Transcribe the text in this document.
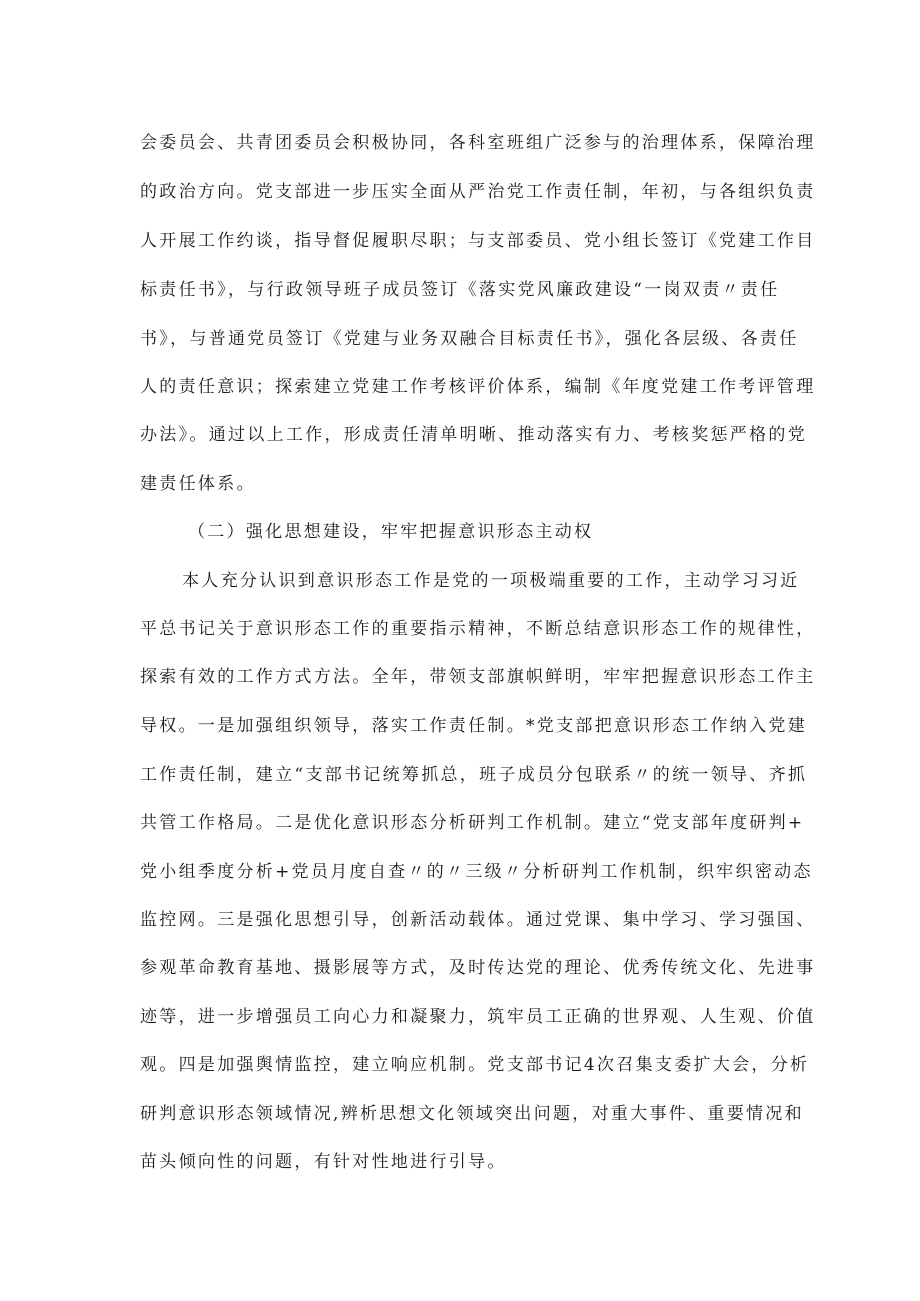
会委员会、共青团委员会积极协同，各科室班组广泛参与的治理体系，保障治理
的政治方向。党支部进一步压实全面从严治党工作责任制，年初，与各组织负责
人开展工作约谈，指导督促履职尽职；与支部委员、党小组长签订《党建工作目
标责任书》，与行政领导班子成员签订《落实党风廉政建设“一岗双责〃责任
书》，与普通党员签订《党建与业务双融合目标责任书》，强化各层级、各责任
人的责任意识；探索建立党建工作考核评价体系，编制《年度党建工作考评管理
办法》。通过以上工作，形成责任清单明晰、推动落实有力、考核奖惩严格的党
建责任体系。
（二）强化思想建设，牢牢把握意识形态主动权
本人充分认识到意识形态工作是党的一项极端重要的工作，主动学习习近
平总书记关于意识形态工作的重要指示精神，不断总结意识形态工作的规律性，
探索有效的工作方式方法。全年，带领支部旗帜鲜明，牢牢把握意识形态工作主
导权。一是加强组织领导，落实工作责任制。*党支部把意识形态工作纳入党建
工作责任制，建立“支部书记统筹抓总，班子成员分包联系〃的统一领导、齐抓
共管工作格局。二是优化意识形态分析研判工作机制。建立“党支部年度研判+
党小组季度分析+党员月度自查〃的〃三级〃分析研判工作机制，织牢织密动态
监控网。三是强化思想引导，创新活动载体。通过党课、集中学习、学习强国、
参观革命教育基地、摄影展等方式，及时传达党的理论、优秀传统文化、先进事
迹等，进一步增强员工向心力和凝聚力，筑牢员工正确的世界观、人生观、价值
观。四是加强舆情监控，建立响应机制。党支部书记4次召集支委扩大会，分析
研判意识形态领域情况,辨析思想文化领域突出问题，对重大事件、重要情况和
苗头倾向性的问题，有针对性地进行引导。
